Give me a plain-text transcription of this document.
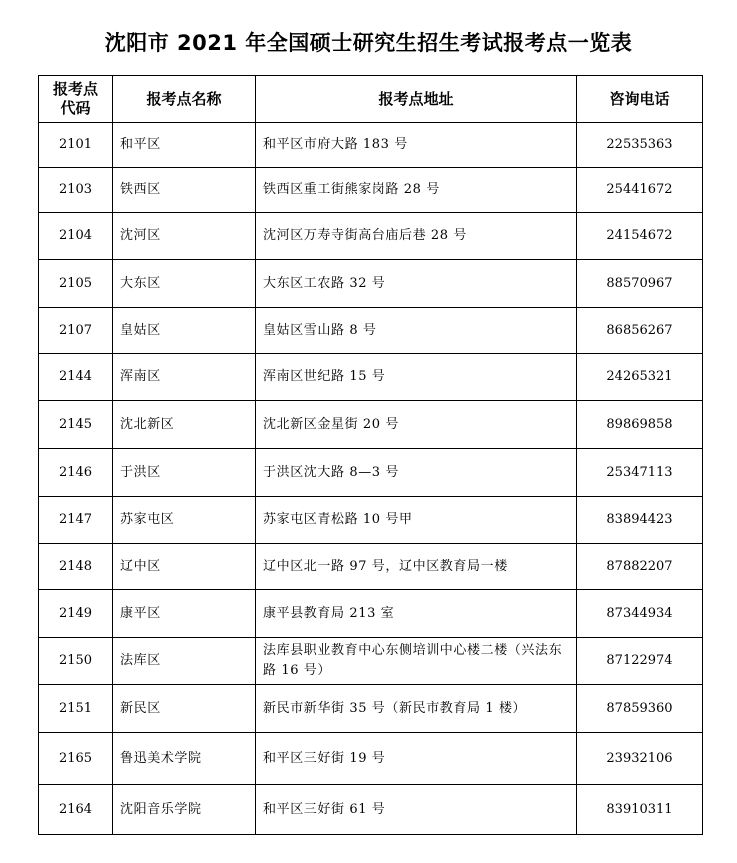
沈阳市 2021 年全国硕士研究生招生考试报考点一览表
报考点
代码	报考点名称	报考点地址	咨询电话
2101	和平区	和平区市府大路 183 号	22535363
2103	铁西区	铁西区重工街熊家岗路 28 号	25441672
2104	沈河区	沈河区万寿寺街高台庙后巷 28 号	24154672
2105	大东区	大东区工农路 32 号	88570967
2107	皇姑区	皇姑区雪山路 8 号	86856267
2144	浑南区	浑南区世纪路 15 号	24265321
2145	沈北新区	沈北新区金星街 20 号	89869858
2146	于洪区	于洪区沈大路 8—3 号	25347113
2147	苏家屯区	苏家屯区青松路 10 号甲	83894423
2148	辽中区	辽中区北一路 97 号，辽中区教育局一楼	87882207
2149	康平区	康平县教育局 213 室	87344934
2150	法库区	法库县职业教育中心东侧培训中心楼二楼（兴法东路 16 号）	87122974
2151	新民区	新民市新华街 35 号（新民市教育局 1 楼）	87859360
2165	鲁迅美术学院	和平区三好街 19 号	23932106
2164	沈阳音乐学院	和平区三好街 61 号	83910311
